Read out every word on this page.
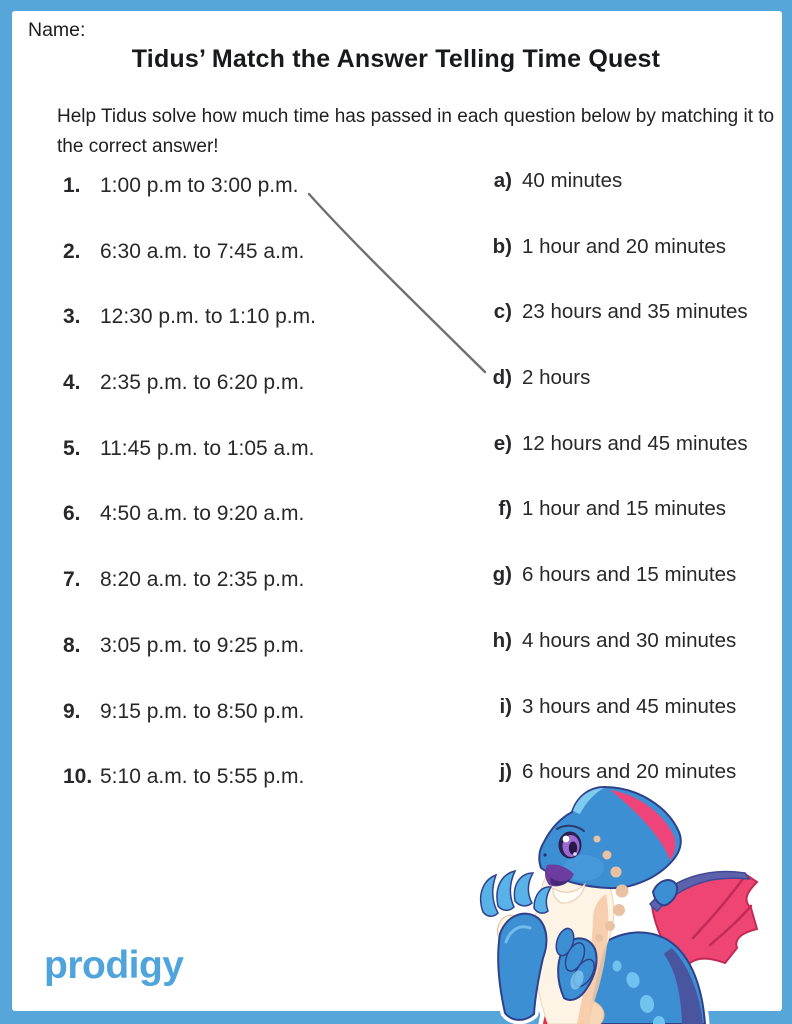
Name:
Tidus’ Match the Answer Telling Time Quest

Help Tidus solve how much time has passed in each question below by matching it to
the correct answer!

1. 1:00 p.m to 3:00 p.m.
2. 6:30 a.m. to 7:45 a.m.
3. 12:30 p.m. to 1:10 p.m.
4. 2:35 p.m. to 6:20 p.m.
5. 11:45 p.m. to 1:05 a.m.
6. 4:50 a.m. to 9:20 a.m.
7. 8:20 a.m. to 2:35 p.m.
8. 3:05 p.m. to 9:25 p.m.
9. 9:15 p.m. to 8:50 p.m.
10. 5:10 a.m. to 5:55 p.m.
a) 40 minutes
b) 1 hour and 20 minutes
c) 23 hours and 35 minutes
d) 2 hours
e) 12 hours and 45 minutes
f) 1 hour and 15 minutes
g) 6 hours and 15 minutes
h) 4 hours and 30 minutes
i) 3 hours and 45 minutes
j) 6 hours and 20 minutes
prodigy
